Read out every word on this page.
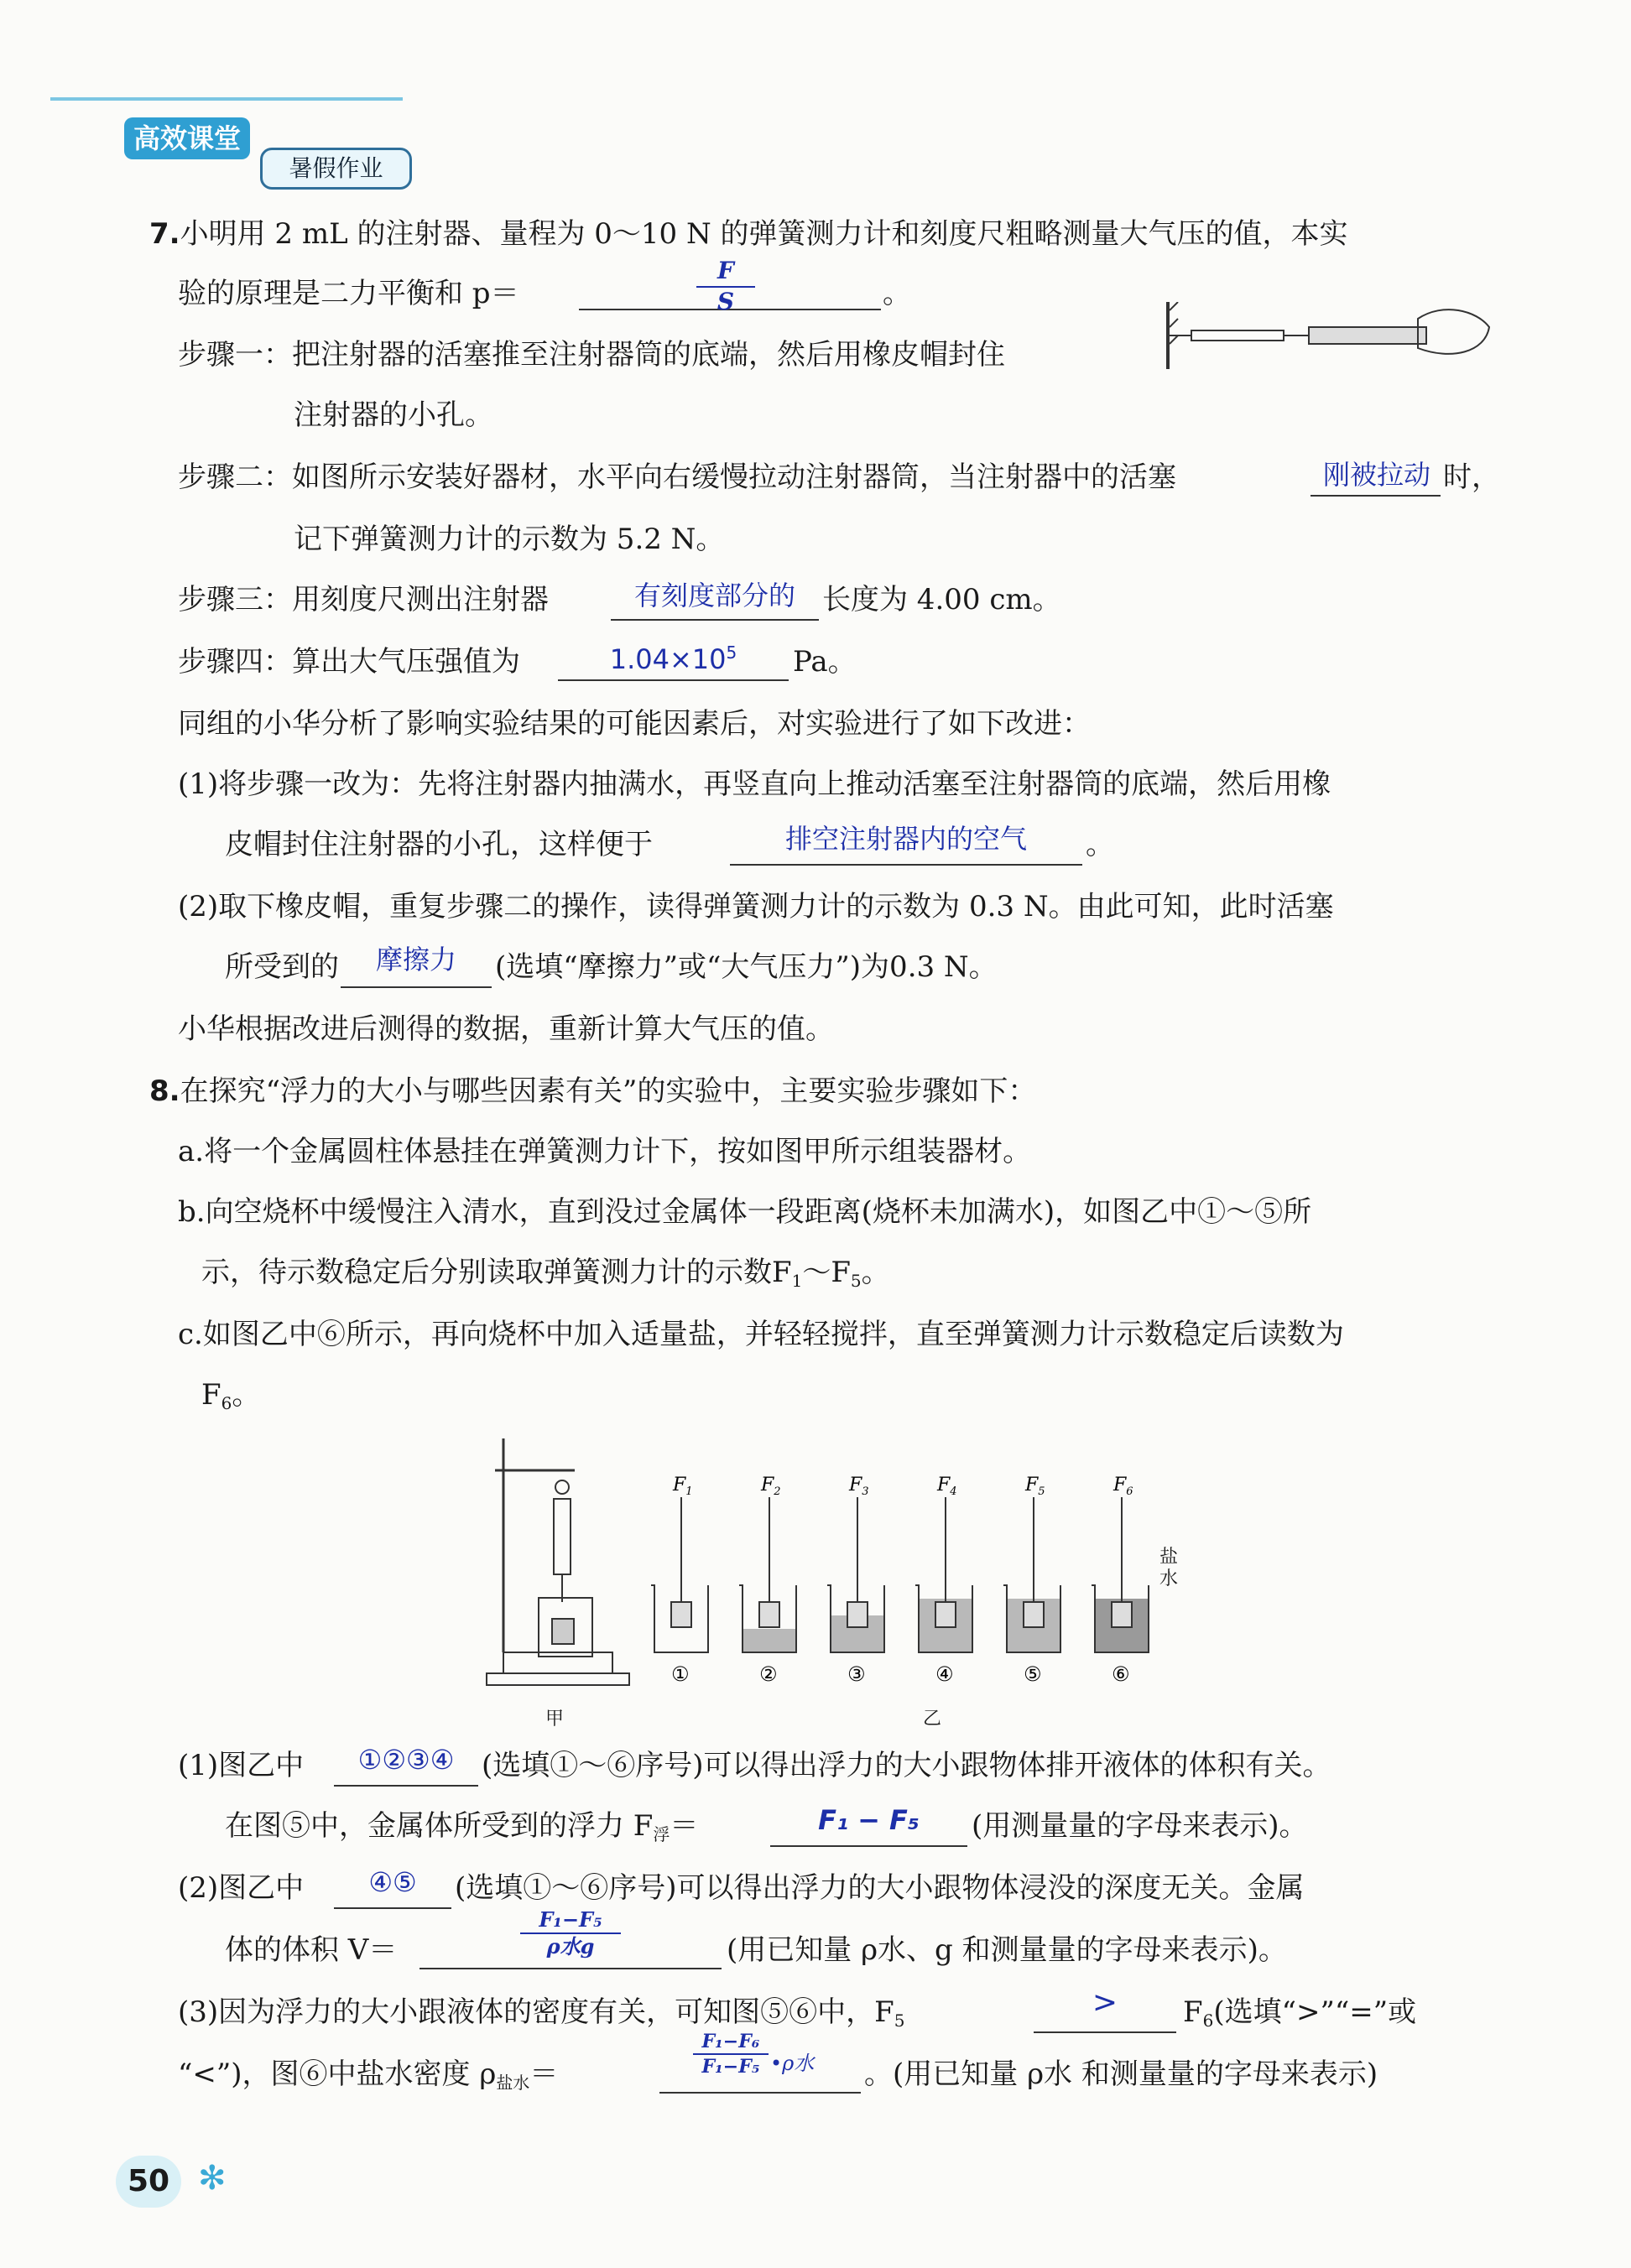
高效课堂
暑假作业
7.小明用 2 mL 的注射器、量程为 0～10 N 的弹簧测力计和刻度尺粗略测量大气压的值，本实
验的原理是二力平衡和 p＝
F
S	。
步骤一：把注射器的活塞推至注射器筒的底端，然后用橡皮帽封住
注射器的小孔。
步骤二：如图所示安装好器材，水平向右缓慢拉动注射器筒，当注射器中的活塞	刚被拉动 时，
记下弹簧测力计的示数为 5.2 N。
步骤三：用刻度尺测出注射器	有刻度部分的 长度为 4.00 cm。
步骤四：算出大气压强值为	$1.04\times 10^5$	Pa。
同组的小华分析了影响实验结果的可能因素后，对实验进行了如下改进：
(1)将步骤一改为：先将注射器内抽满水，再竖直向上推动活塞至注射器筒的底端，然后用橡
皮帽封住注射器的小孔，这样便于	排空注射器内的空气	。
(2)取下橡皮帽，重复步骤二的操作，读得弹簧测力计的示数为 0.3 N。由此可知，此时活塞
所受到的	摩擦力	(选填“摩擦力”或“大气压力”)为0.3 N。
小华根据改进后测得的数据，重新计算大气压的值。
8.在探究“浮力的大小与哪些因素有关”的实验中，主要实验步骤如下：
a.将一个金属圆柱体悬挂在弹簧测力计下，按如图甲所示组装器材。
b.向空烧杯中缓慢注入清水，直到没过金属体一段距离(烧杯未加满水)，如图乙中①～⑤所
示，待示数稳定后分别读取弹簧测力计的示数$F_1\sim F_5$。
c.如图乙中⑥所示，再向烧杯中加入适量盐，并轻轻搅拌，直至弹簧测力计示数稳定后读数为
$F_6$。
$F_1$
①
$F_2$
②
$F_3$
③
$F_4$
④
$F_5$
⑤
$F_6$
⑥
甲	乙
盐
水
(1)图乙中	①②③④ (选填①～⑥序号)可以得出浮力的大小跟物体排开液体的体积有关。
在图⑤中，金属体所受到的浮力 $F_浮=$	F₁ − F₅	(用测量量的字母来表示)。
(2)图乙中	④⑤	(选填①～⑥序号)可以得出浮力的大小跟物体浸没的深度无关。金属
体的体积 V＝
F₁−F₅
ρ水g	(用已知量 ρ水、g 和测量量的字母来表示)。
(3)因为浮力的大小跟液体的密度有关，可知图⑤⑥中，$F_5$
>	$F_6$(选填“>”“=”或
“<”)，图⑥中盐水密度 $\rho_{盐水}=$
F₁−F₆
F₁−F₅ •ρ水 。(用已知量 ρ水 和测量量的字母来表示)
50 ✻
